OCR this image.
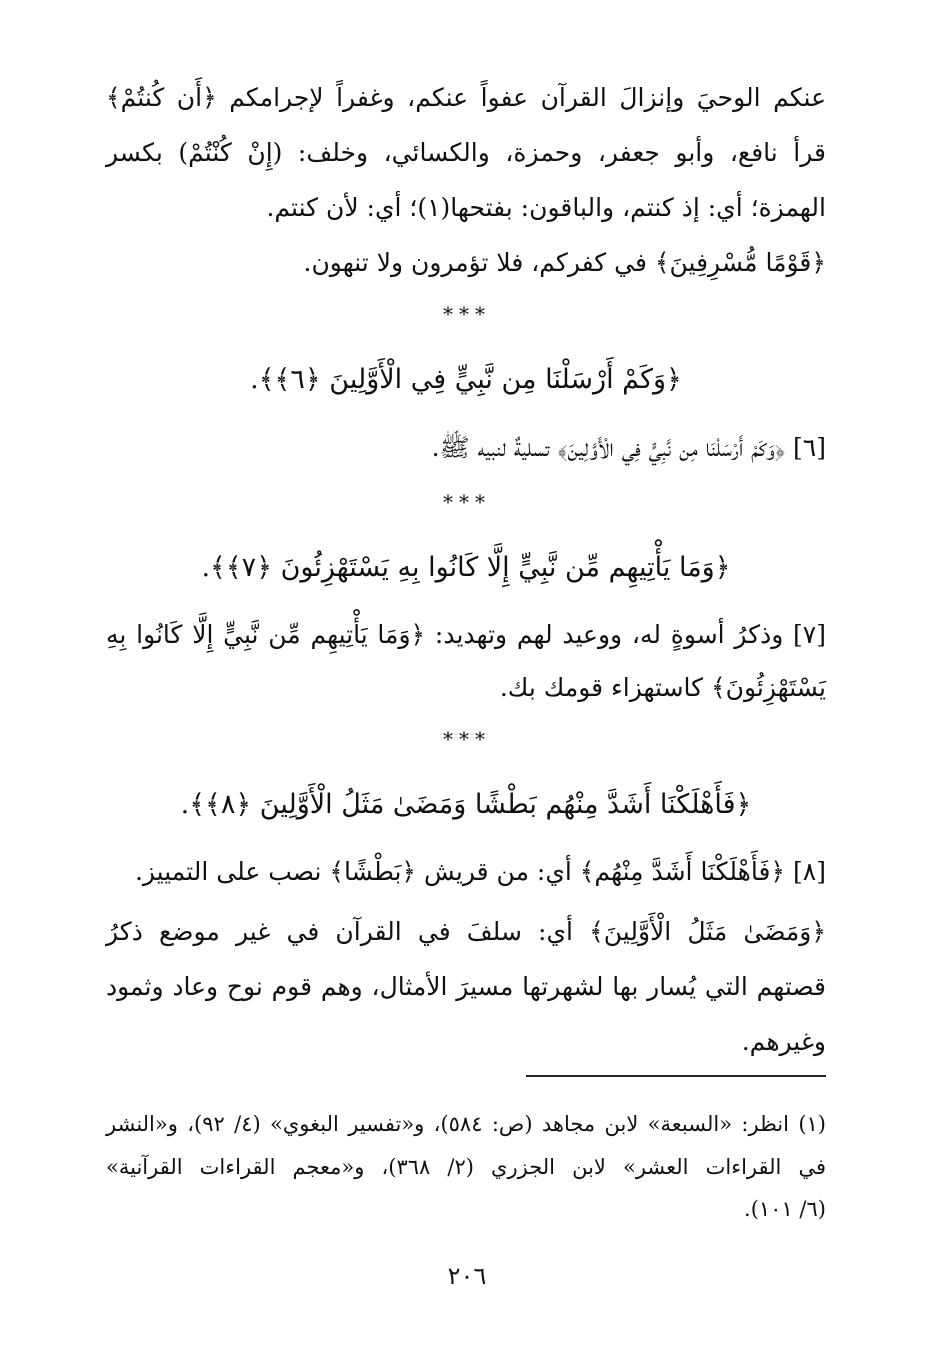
عنكم الوحيَ وإنزالَ القرآن عفواً عنكم، وغفراً لإجرامكم ﴿أَن كُنتُمْ﴾
قرأ نافع، وأبو جعفر، وحمزة، والكسائي، وخلف: (إِنْ كُنْتُمْ) بكسر
الهمزة؛ أي: إذ كنتم، والباقون: بفتحها(١)؛ أي: لأن كنتم.
﴿قَوْمًا مُّسْرِفِينَ﴾ في كفركم، فلا تؤمرون ولا تنهون.
***
﴿وَكَمْ أَرْسَلْنَا مِن نَّبِيٍّ فِي الْأَوَّلِينَ ﴿٦﴾﴾.
[٦] ﴿وَكَمْ أَرْسَلْنَا مِن نَّبِيٍّ فِي الْأَوَّلِينَ﴾ تسليةٌ لنبيه ﷺ.
***
﴿وَمَا يَأْتِيهِم مِّن نَّبِيٍّ إِلَّا كَانُوا بِهِ يَسْتَهْزِئُونَ ﴿٧﴾﴾.
[٧] وذكرُ أسوةٍ له، ووعيد لهم وتهديد: ﴿وَمَا يَأْتِيهِم مِّن نَّبِيٍّ إِلَّا كَانُوا بِهِ
يَسْتَهْزِئُونَ﴾ كاستهزاء قومك بك.
***
﴿فَأَهْلَكْنَا أَشَدَّ مِنْهُم بَطْشًا وَمَضَىٰ مَثَلُ الْأَوَّلِينَ ﴿٨﴾﴾.
[٨] ﴿فَأَهْلَكْنَا أَشَدَّ مِنْهُم﴾ أي: من قريش ﴿بَطْشًا﴾ نصب على التمييز.
﴿وَمَضَىٰ مَثَلُ الْأَوَّلِينَ﴾ أي: سلفَ في القرآن في غير موضع ذكرُ
قصتهم التي يُسار بها لشهرتها مسيرَ الأمثال، وهم قوم نوح وعاد وثمود
وغيرهم.
(١) انظر: «السبعة» لابن مجاهد (ص: ٥٨٤)، و«تفسير البغوي» (٤/ ٩٢)، و«النشر
في القراءات العشر» لابن الجزري (٢/ ٣٦٨)، و«معجم القراءات القرآنية»
(٦/ ١٠١).
٢٠٦
